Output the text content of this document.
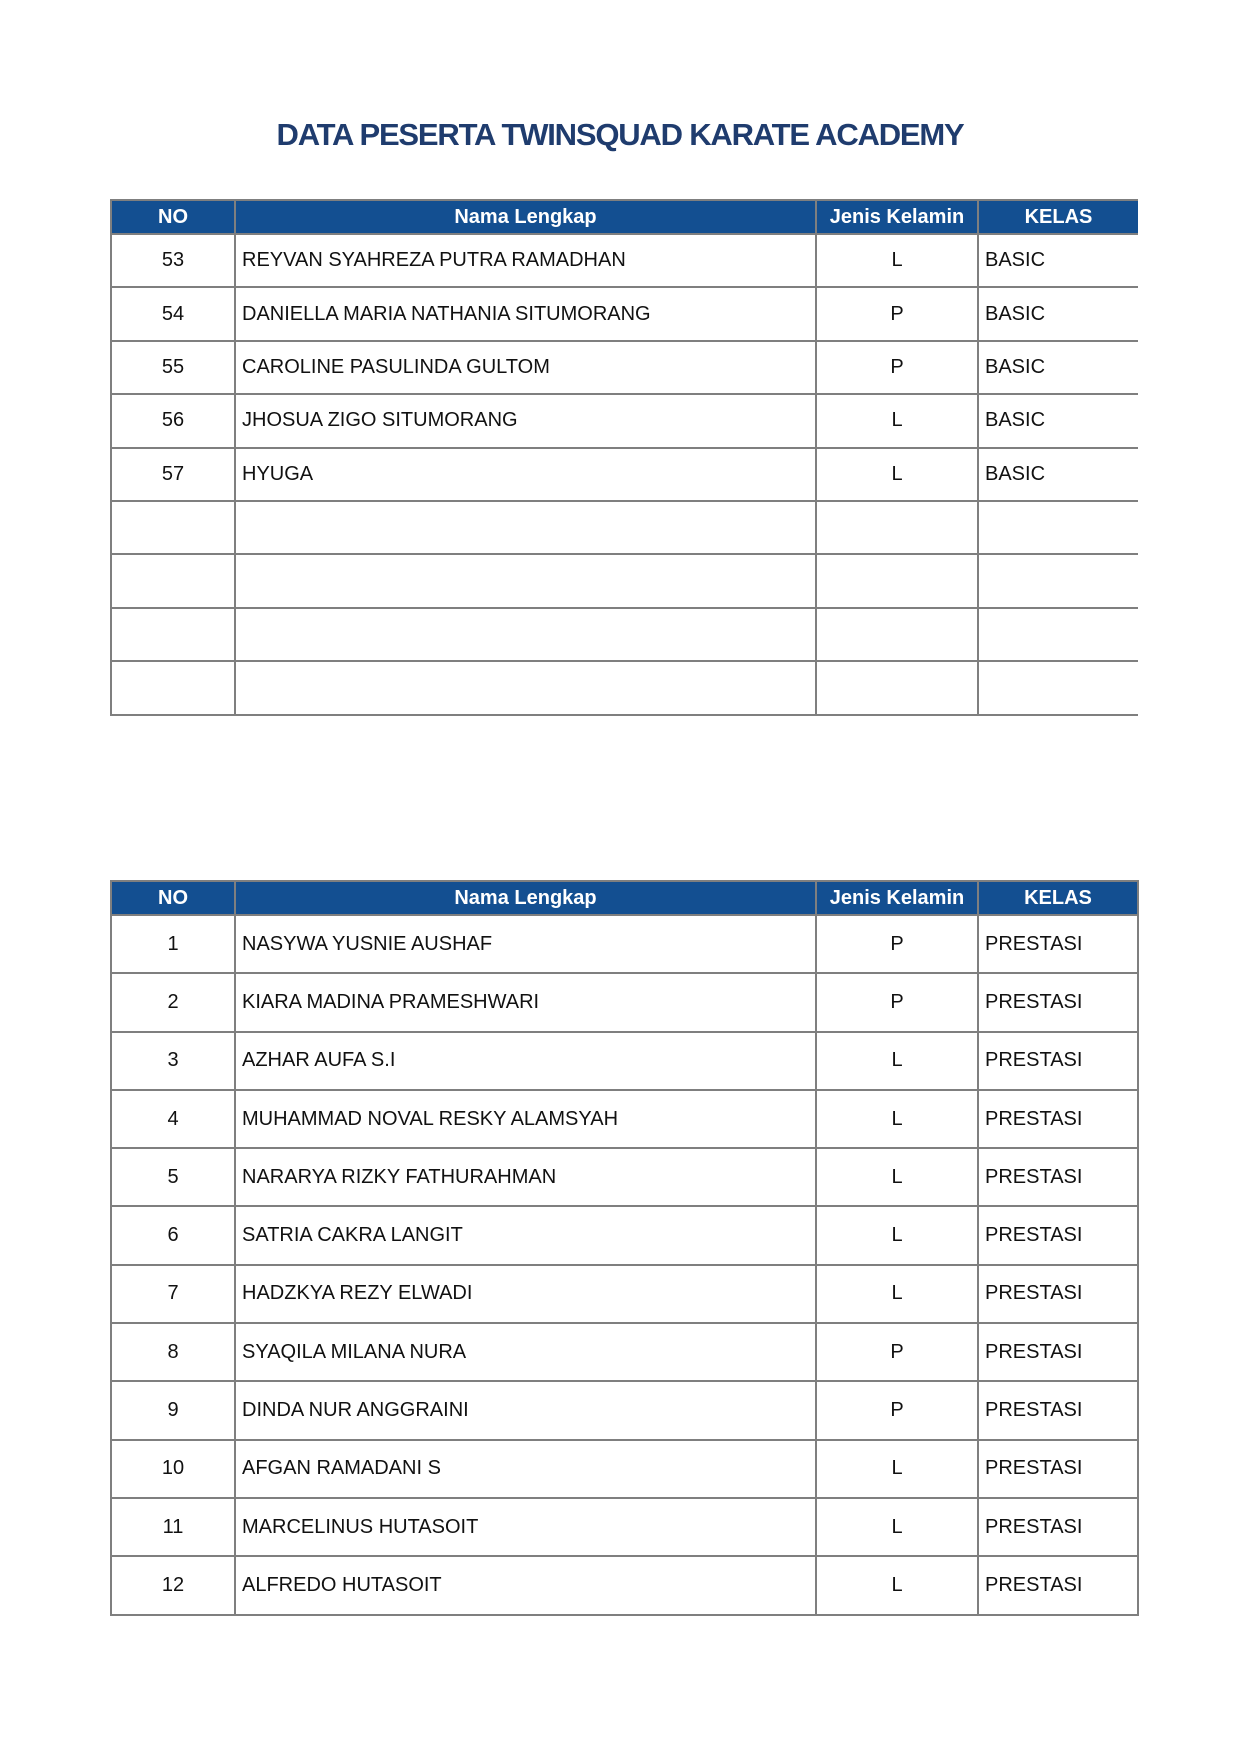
DATA PESERTA TWINSQUAD KARATE ACADEMY
NO	Nama Lengkap	Jenis Kelamin	KELAS
53	REYVAN SYAHREZA PUTRA RAMADHAN	L	BASIC
54	DANIELLA MARIA NATHANIA SITUMORANG	P	BASIC
55	CAROLINE PASULINDA GULTOM	P	BASIC
56	JHOSUA ZIGO SITUMORANG	L	BASIC
57	HYUGA	L	BASIC

NO	Nama Lengkap	Jenis Kelamin	KELAS
1	NASYWA YUSNIE AUSHAF	P	PRESTASI
2	KIARA MADINA PRAMESHWARI	P	PRESTASI
3	AZHAR AUFA S.I	L	PRESTASI
4	MUHAMMAD NOVAL RESKY ALAMSYAH	L	PRESTASI
5	NARARYA RIZKY FATHURAHMAN	L	PRESTASI
6	SATRIA CAKRA LANGIT	L	PRESTASI
7	HADZKYA REZY ELWADI	L	PRESTASI
8	SYAQILA MILANA NURA	P	PRESTASI
9	DINDA NUR ANGGRAINI	P	PRESTASI
10	AFGAN RAMADANI S	L	PRESTASI
11	MARCELINUS HUTASOIT	L	PRESTASI
12	ALFREDO HUTASOIT	L	PRESTASI
